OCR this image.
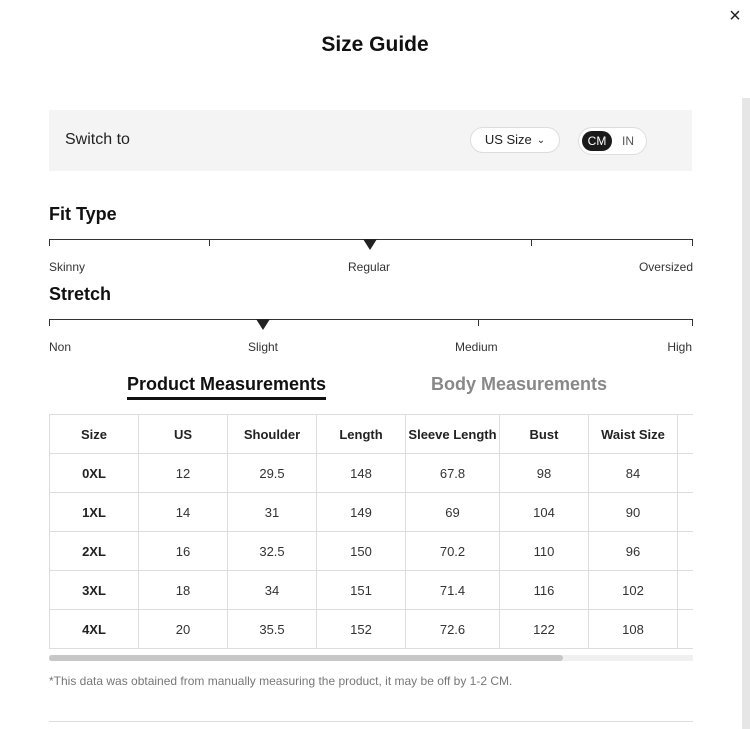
×
Size Guide
Switch to	US Size ⌄	CM	IN
Fit Type
Skinny	Regular	Oversized
Stretch
Non	Slight	Medium	High
Product Measurements	Body Measurements
Size	US	Shoulder	Length	Sleeve Length	Bust	Waist Size	
0XL	12	29.5	148	67.8	98	84	
1XL	14	31	149	69	104	90	
2XL	16	32.5	150	70.2	110	96	
3XL	18	34	151	71.4	116	102	
4XL	20	35.5	152	72.6	122	108	
*This data was obtained from manually measuring the product, it may be off by 1-2 CM.
